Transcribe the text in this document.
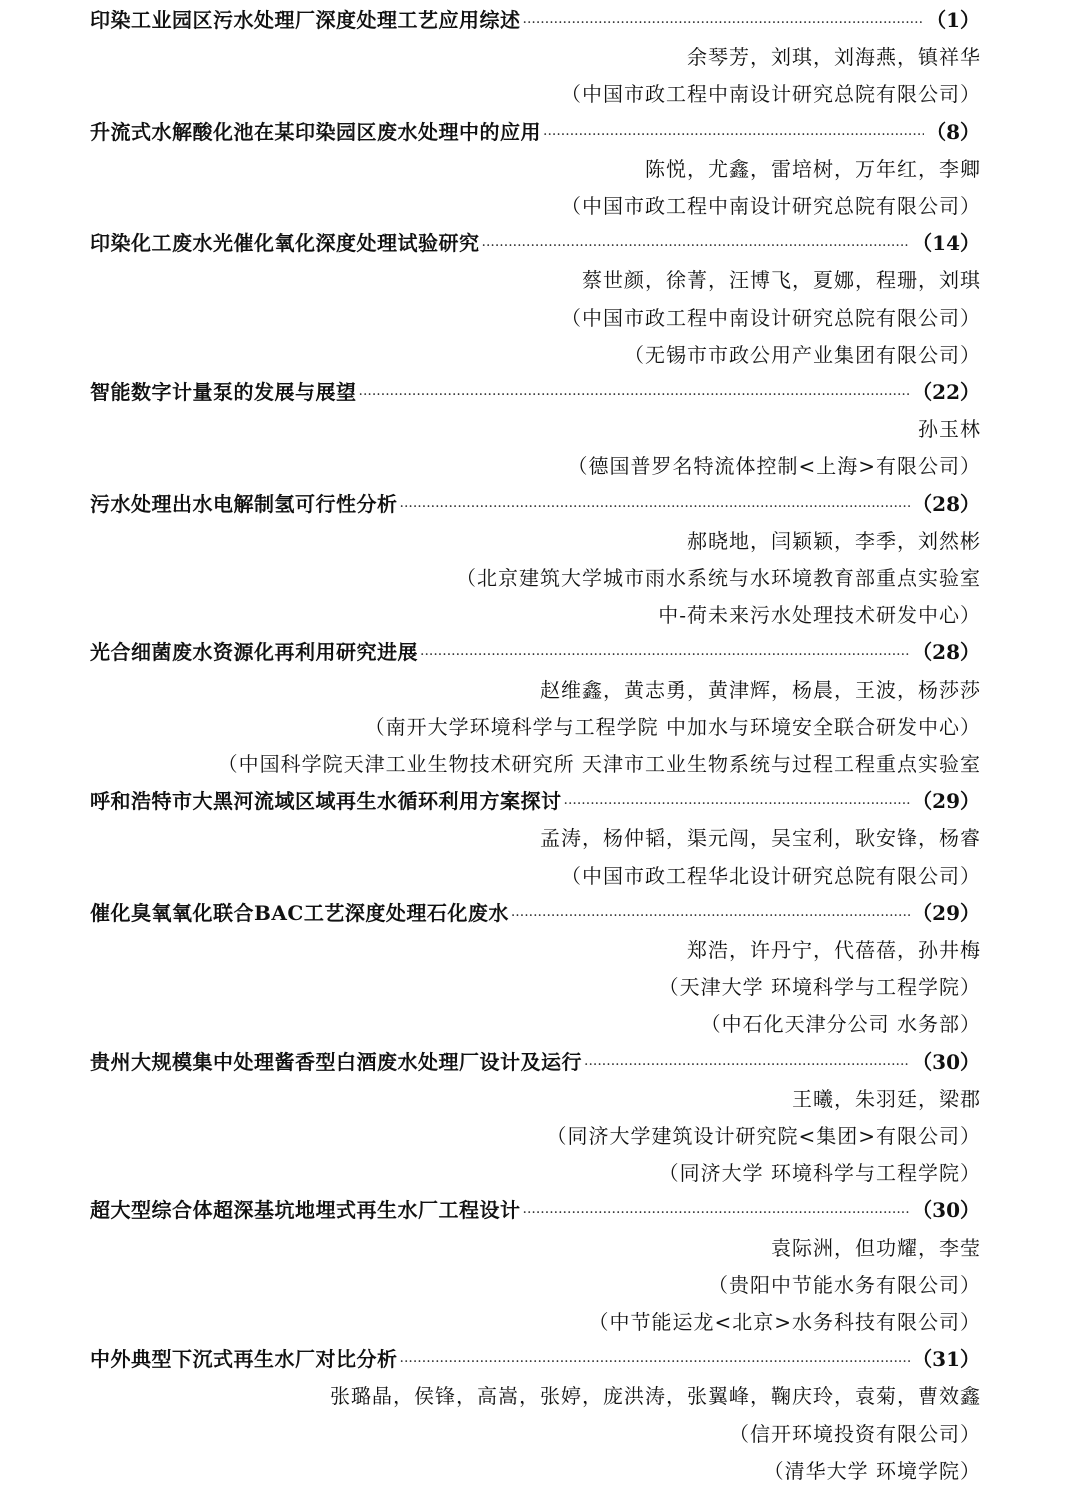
印染工业园区污水处理厂深度处理工艺应用综述 ·····	（1）
余琴芳，刘琪，刘海燕，镇祥华
（中国市政工程中南设计研究总院有限公司）
升流式水解酸化池在某印染园区废水处理中的应用 ·····	（8）
陈悦，尤鑫，雷培树，万年红，李卿
（中国市政工程中南设计研究总院有限公司）
印染化工废水光催化氧化深度处理试验研究 ·····	（14）
蔡世颜，徐菁，汪博飞，夏娜，程珊，刘琪
（中国市政工程中南设计研究总院有限公司）
（无锡市市政公用产业集团有限公司）
智能数字计量泵的发展与展望 ·····	（22）
孙玉林
（德国普罗名特流体控制<上海>有限公司）
污水处理出水电解制氢可行性分析 ·····	（28）
郝晓地，闫颖颖，李季，刘然彬
（北京建筑大学城市雨水系统与水环境教育部重点实验室
中-荷未来污水处理技术研发中心）
光合细菌废水资源化再利用研究进展 ·····	（28）
赵维鑫，黄志勇，黄津辉，杨晨，王波，杨莎莎
（南开大学环境科学与工程学院 中加水与环境安全联合研发中心）
（中国科学院天津工业生物技术研究所 天津市工业生物系统与过程工程重点实验室
呼和浩特市大黑河流域区域再生水循环利用方案探讨 ·····	（29）
孟涛，杨仲韬，渠元闯，吴宝利，耿安锋，杨睿
（中国市政工程华北设计研究总院有限公司）
催化臭氧氧化联合BAC工艺深度处理石化废水 ·····	（29）
郑浩，许丹宁，代蓓蓓，孙井梅
（天津大学 环境科学与工程学院）
（中石化天津分公司 水务部）
贵州大规模集中处理酱香型白酒废水处理厂设计及运行 ·····	（30）
王曦，朱羽廷，梁郡
（同济大学建筑设计研究院<集团>有限公司）
（同济大学 环境科学与工程学院）
超大型综合体超深基坑地埋式再生水厂工程设计 ·····	（30）
袁际洲，但功耀，李莹
（贵阳中节能水务有限公司）
（中节能运龙<北京>水务科技有限公司）
中外典型下沉式再生水厂对比分析 ·····	（31）
张璐晶，侯锋，高嵩，张婷，庞洪涛，张翼峰，鞠庆玲，袁菊，曹效鑫
（信开环境投资有限公司）
（清华大学 环境学院）
